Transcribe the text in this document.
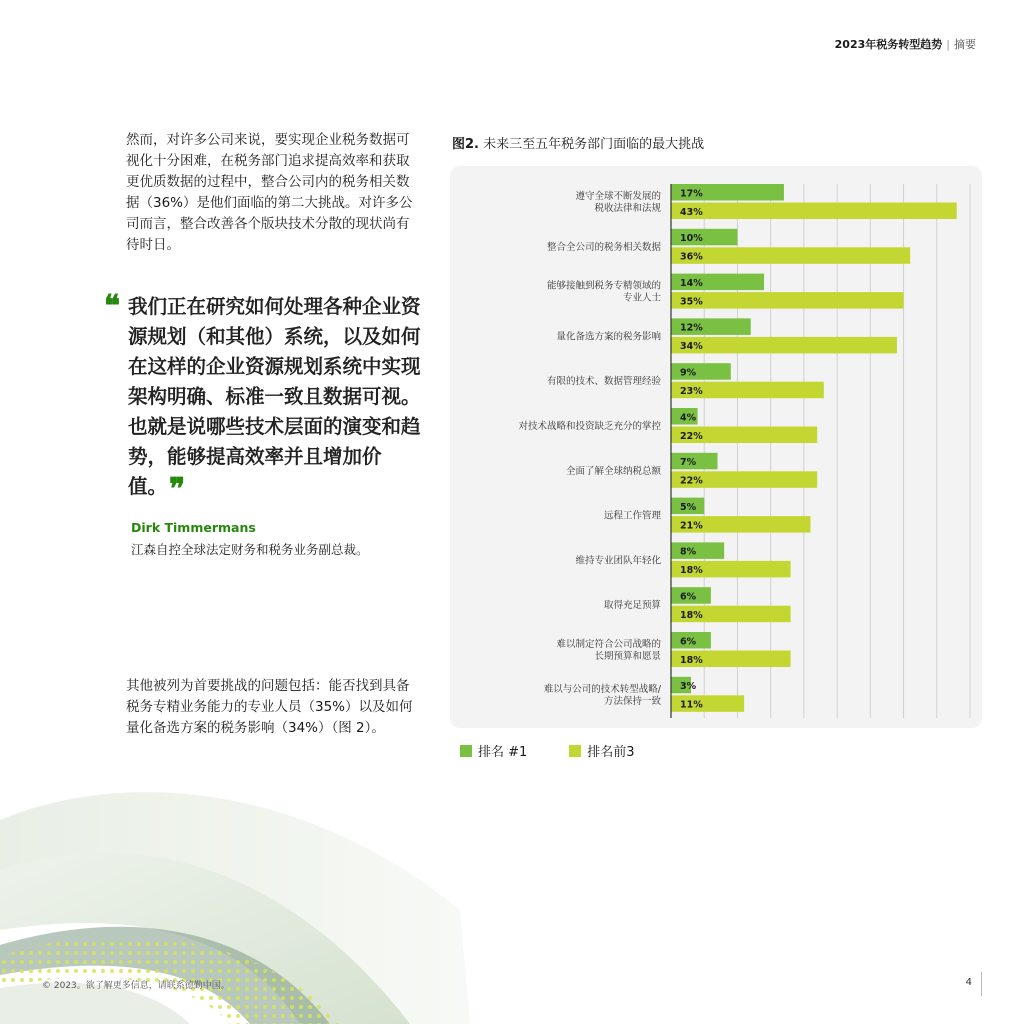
2023年税务转型趋势 | 摘要

然而，对许多公司来说，要实现企业税务数据可视化十分困难，在税务部门追求提高效率和获取更优质数据的过程中，整合公司内的税务相关数据（36%）是他们面临的第二大挑战。对许多公司而言，整合改善各个版块技术分散的现状尚有待时日。

❝ 我们正在研究如何处理各种企业资源规划（和其他）系统，以及如何在这样的企业资源规划系统中实现架构明确、标准一致且数据可视。也就是说哪些技术层面的演变和趋势，能够提高效率并且增加价值。❞

Dirk Timmermans
江森自控全球法定财务和税务业务副总裁。

其他被列为首要挑战的问题包括：能否找到具备税务专精业务能力的专业人员（35%）以及如何量化备选方案的税务影响（34%）（图 2）。

图2. 未来三至五年税务部门面临的最大挑战
遵守全球不断发展的
税收法律和法规
17%
43%
整合全公司的税务相关数据
10%
36%
能够接触到税务专精领域的
专业人士
14%
35%
量化备选方案的税务影响
12%
34%
有限的技术、数据管理经验
9%
23%
对技术战略和投资缺乏充分的掌控
4%
22%
全面了解全球纳税总额
7%
22%
远程工作管理
5%
21%
维持专业团队年轻化
8%
18%
取得充足预算
6%
18%
难以制定符合公司战略的
长期预算和愿景
6%
18%
难以与公司的技术转型战略/
方法保持一致
3%
11%
排名 #1	排名前3
© 2023。欲了解更多信息，请联系德勤中国。	4
